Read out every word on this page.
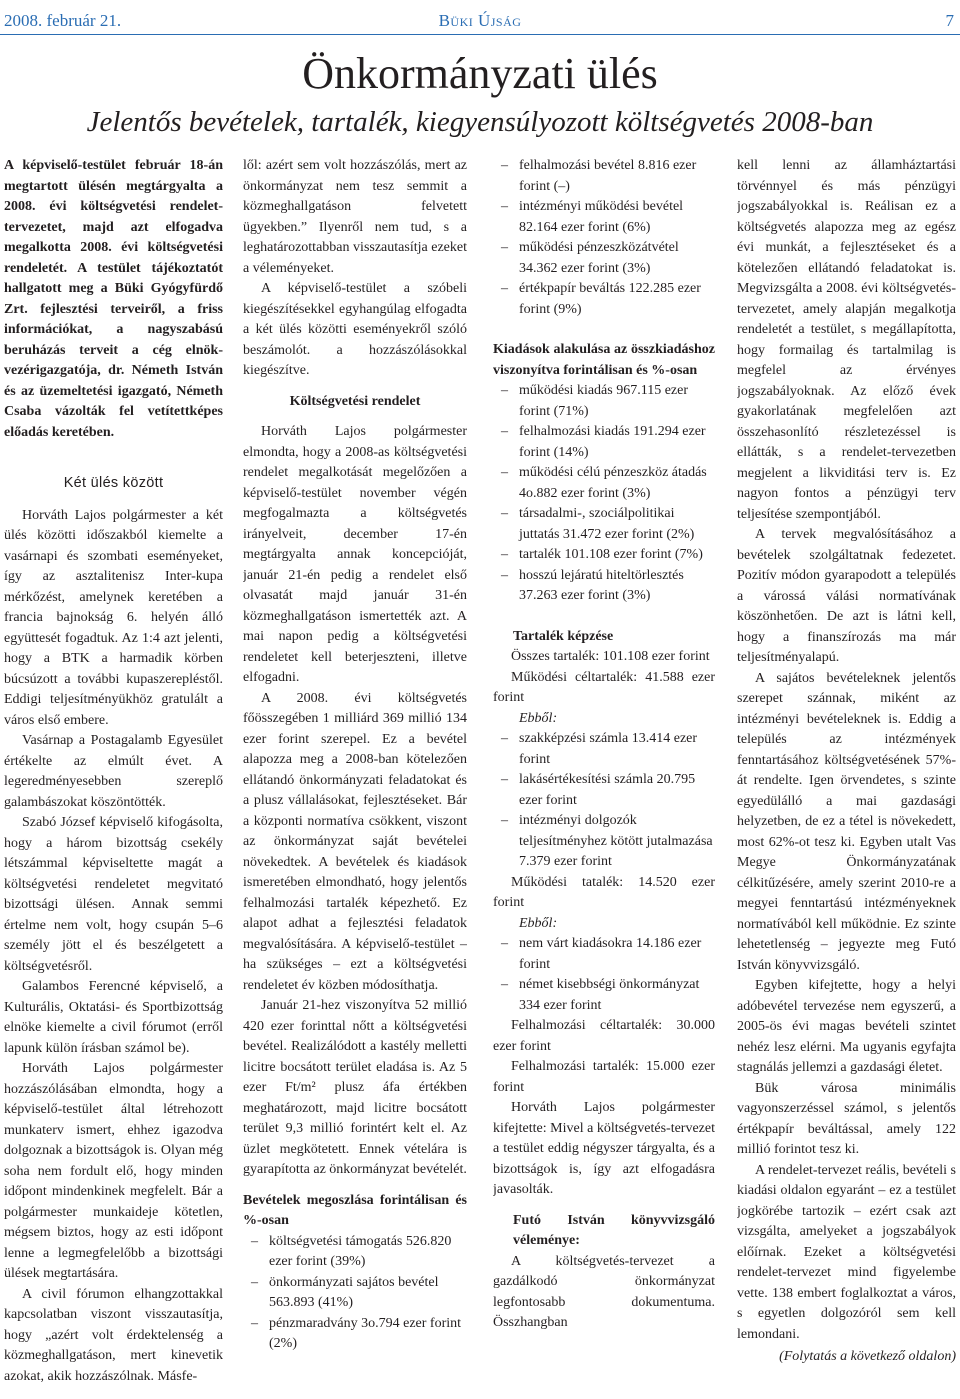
2008. február 21.	Büki Újság	7
Önkormányzati ülés
Jelentős bevételek, tartalék, kiegyensúlyozott költségvetés 2008-ban

A képviselő-testület február 18-án megtartott ülésén megtárgyalta a 2008. évi költségvetési rendelet-tervezetet, majd azt elfogadva megalkotta 2008. évi költségvetési rendeletét. A testület tájékoztatót hallgatott meg a Büki Gyógyfürdő Zrt. fejlesztési terveiről, a friss információkat, a nagyszabású beruházás terveit a cég elnök-vezérigazgatója, dr. Németh István és az üzemeltetési igazgató, Németh Csaba vázolták fel vetítettképes előadás keretében.

Két ülés között

Horváth Lajos polgármester a két ülés közötti időszakból kiemelte a vasárnapi és szombati eseményeket, így az asztalitenisz Inter-kupa mérkőzést, amelynek keretében a francia bajnokság 6. helyén álló együttesét fogadtuk. Az 1:4 azt jelenti, hogy a BTK a harmadik körben búcsúzott a további kupaszerepléstől. Eddigi teljesítményükhöz gratulált a város első embere.

Vasárnap a Postagalamb Egyesület értékelte az elmúlt évet. A legeredményesebben szereplő galambászokat köszöntötték.

Szabó József képviselő kifogásolta, hogy a három bizottság csekély létszámmal képviseltette magát a költségvetési rendeletet megvitató bizottsági ülésen. Annak semmi értelme nem volt, hogy csupán 5–6 személy jött el és beszélgetett a költségvetésről.

Galambos Ferencné képviselő, a Kulturális, Oktatási- és Sportbizottság elnöke kiemelte a civil fórumot (erről lapunk külön írásban számol be).

Horváth Lajos polgármester hozzászólásában elmondta, hogy a képviselő-testület által létrehozott munkaterv ismert, ehhez igazodva dolgoznak a bizottságok is. Olyan még soha nem fordult elő, hogy minden időpont mindenkinek megfelelt. Bár a polgármester munkaideje kötetlen, mégsem biztos, hogy az esti időpont lenne a legmegfelelőbb a bizottsági ülések megtartására.

A civil fórumon elhangzottakkal kapcsolatban viszont visszautasítja, hogy „azért volt érdektelenség a közmeghallgatáson, mert kinevetik azokat, akik hozzászólnak. Másfe-

lől: azért sem volt hozzászólás, mert az önkormányzat nem tesz semmit a közmeghallgatáson felvetett ügyekben.” Ilyenről nem tud, s a leghatározottabban visszautasítja ezeket a véleményeket.

A képviselő-testület a szóbeli kiegészítésekkel egyhangúlag elfogadta a két ülés közötti eseményekről szóló beszámolót. a hozzászólásokkal kiegészítve.

Költségvetési rendelet

Horváth Lajos polgármester elmondta, hogy a 2008-as költségvetési rendelet megalkotását megelőzően a képviselő-testület november végén megfogalmazta a költségvetés irányelveit, december 17-én megtárgyalta annak koncepcióját, január 21-én pedig a rendelet első olvasatát majd január 31-én közmeghallgatáson ismertették azt. A mai napon pedig a költségvetési rendeletet kell beterjeszteni, illetve elfogadni.

A 2008. évi költségvetés főösszegében 1 milliárd 369 millió 134 ezer forint szerepel. Ez a bevétel alapozza meg a 2008-ban kötelezően ellátandó önkormányzati feladatokat és a plusz vállalásokat, fejlesztéseket. Bár a központi normatíva csökkent, viszont az önkormányzat saját bevételei növekedtek. A bevételek és kiadások ismeretében elmondható, hogy jelentős felhalmozási tartalék képezhető. Ez alapot adhat a fejlesztési feladatok megvalósítására. A képviselő-testület – ha szükséges – ezt a költségvetési rendeletet év közben módosíthatja.

Január 21-hez viszonyítva 52 millió 420 ezer forinttal nőtt a költségvetési bevétel. Realizálódott a kastély melletti licitre bocsátott terület eladása is. Az 5 ezer Ft/m² plusz áfa értékben meghatározott, majd licitre bocsátott terület 9,3 millió forintért kelt el. Az üzlet megkötetett. Ennek vételára is gyarapította az önkormányzat bevételét.

Bevételek megoszlása forintálisan és %-osan

– költségvetési támogatás 526.820 ezer forint (39%)
– önkormányzati sajátos bevétel 563.893 (41%)
– pénzmaradvány 3o.794 ezer forint (2%)
– felhalmozási bevétel 8.816 ezer forint (–)
– intézményi működési bevétel 82.164 ezer forint (6%)
– működési pénzeszközátvétel 34.362 ezer forint (3%)
– értékpapír beváltás 122.285 ezer forint (9%)

Kiadások alakulása az összkiadáshoz viszonyítva forintálisan és %-osan

– működési kiadás 967.115 ezer forint (71%)
– felhalmozási kiadás 191.294 ezer forint (14%)
– működési célú pénzeszköz átadás 4o.882 ezer forint (3%)
– társadalmi-, szociálpolitikai juttatás 31.472 ezer forint (2%)
– tartalék 101.108 ezer forint (7%)
– hosszú lejáratú hiteltörlesztés 37.263 ezer forint (3%)

Tartalék képzése

Összes tartalék: 101.108 ezer forint

Működési céltartalék: 41.588 ezer forint

Ebből:
– szakképzési számla 13.414 ezer forint
– lakásértékesítési számla 20.795 ezer forint
– intézményi dolgozók teljesítményhez kötött jutalmazása 7.379 ezer forint

Működési tatalék: 14.520 ezer forint

Ebből:
– nem várt kiadásokra 14.186 ezer forint
– német kisebbségi önkormányzat 334 ezer forint

Felhalmozási céltartalék: 30.000 ezer forint

Felhalmozási tartalék: 15.000 ezer forint

Horváth Lajos polgármester kifejtette: Mivel a költségvetés-tervezet a testület eddig négyszer tárgyalta, és a bizottságok is, így azt elfogadásra javasolták.

Futó István könyvvizsgáló véleménye:

A költségvetés-tervezet a gazdálkodó önkormányzat legfontosabb dokumentuma. Összhangban

kell lenni az államháztartási törvénnyel és más pénzügyi jogszabályokkal is. Reálisan ez a költségvetés alapozza meg az egész évi munkát, a fejlesztéseket és a kötelezően ellátandó feladatokat is. Megvizsgálta a 2008. évi költségvetés-tervezetet, amely alapján megalkotja rendeletét a testület, s megállapította, hogy formailag és tartalmilag is megfelel az érvényes jogszabályoknak. Az előző évek gyakorlatának megfelelően azt összehasonlító részletezéssel is ellátták, s a rendelet-tervezetben megjelent a likviditási terv is. Ez nagyon fontos a pénzügyi terv teljesítése szempontjából.

A tervek megvalósításához a bevételek szolgáltatnak fedezetet. Pozitív módon gyarapodott a település a várossá válási normatívának köszönhetően. De azt is látni kell, hogy a finanszírozás ma már teljesítményalapú.

A sajátos bevételeknek jelentős szerepet szánnak, miként az intézményi bevételeknek is. Eddig a település az intézmények fenntartásához költségvetésének 57%-át rendelte. Igen örvendetes, s szinte egyedülálló a mai gazdasági helyzetben, de ez a tétel is növekedett, most 62%-ot tesz ki. Egyben utalt Vas Megye Önkormányzatának célkitűzésére, amely szerint 2010-re a megyei fenntartású intézményeknek normatívából kell működnie. Ez szinte lehetetlenség – jegyezte meg Futó István könyvvizsgáló.

Egyben kifejtette, hogy a helyi adóbevétel tervezése nem egyszerű, a 2005-ös évi magas bevételi szintet nehéz lesz elérni. Ma ugyanis egyfajta stagnálás jellemzi a gazdasági életet.

Bük városa minimális vagyonszerzéssel számol, s jelentős értékpapír beváltással, amely 122 millió forintot tesz ki.

A rendelet-tervezet reális, bevételi s kiadási oldalon egyaránt – ez a testület jogkörébe tartozik – ezért csak azt vizsgálta, amelyeket a jogszabályok előírnak. Ezeket a költségvetési rendelet-tervezet mind figyelembe vette. 138 embert foglalkoztat a város, s egyetlen dolgozóról sem kell lemondani.

(Folytatás a következő oldalon)
